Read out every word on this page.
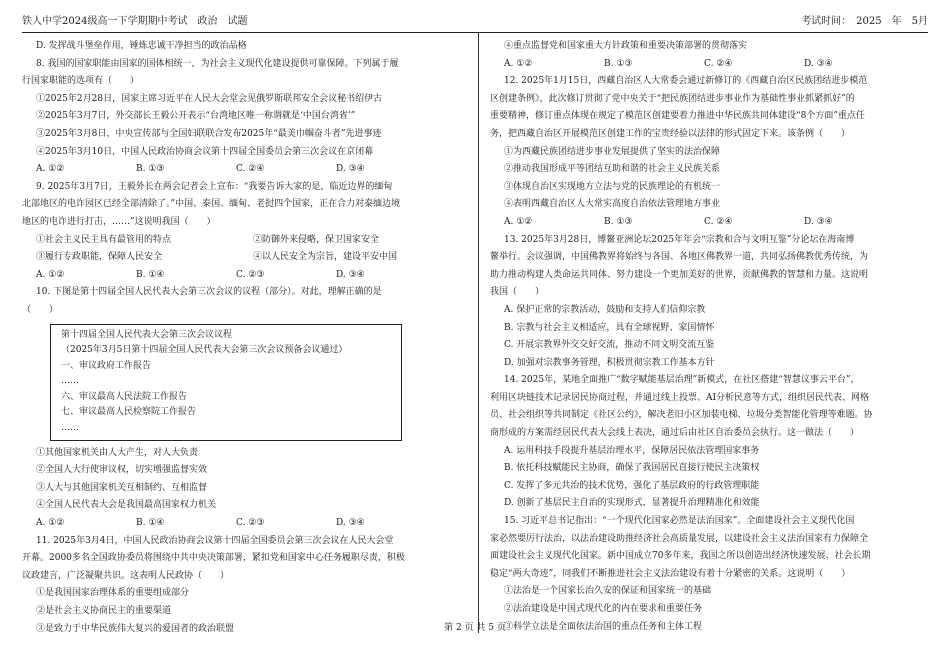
铁人中学2024级高一下学期期中考试　政治　试题	考试时间：　2025　年　5月

D. 发挥战斗堡垒作用，锤炼忠诚干净担当的政治品格

8. 我国的国家职能由国家的国体相统一，为社会主义现代化建设提供可靠保障。下列属于履

行国家职能的选项有（　　）

①2025年2月28日，国家主席习近平在人民大会堂会见俄罗斯联邦安全会议秘书绍伊古

②2025年3月7日，外交部长王毅公开表示“台湾地区唯一称谓就是‘中国台湾省’”

③2025年3月8日，中央宣传部与全国妇联联合发布2025年“最美巾帼奋斗者”先进事迹

④2025年3月10日，中国人民政治协商会议第十四届全国委员会第三次会议在京闭幕

A. ①②	B. ①③	C. ②④	D. ③④

9. 2025年3月7日，王毅外长在两会记者会上宣布：“我要告诉大家的是，临近边界的缅甸

北部地区的电诈园区已经全部清除了。”中国、泰国、缅甸、老挝四个国家，正在合力对泰缅边境

地区的电诈进行打击，……”这说明我国（　　）

①社会主义民主具有最管用的特点	②防御外来侵略，保卫国家安全
③履行专政职能，保障人民安全	④以人民安全为宗旨，建设平安中国
A. ①②	B. ①④	C. ②③	D. ③④

10. 下图是第十四届全国人民代表大会第三次会议的议程（部分）。对此，理解正确的是

（　　）

第十四届全国人民代表大会第三次会议议程

（2025年3月5日第十四届全国人民代表大会第三次会议预备会议通过）

一、审议政府工作报告

……

六、审议最高人民法院工作报告

七、审议最高人民检察院工作报告

……

①其他国家机关由人大产生，对人大负责

②全国人大行使审议权，切实增强监督实效

③人大与其他国家机关互相制约、互相监督

④全国人民代表大会是我国最高国家权力机关

A. ①②	B. ①④	C. ②③	D. ③④

11. 2025年3月4日，中国人民政治协商会议第十四届全国委员会第三次会议在人民大会堂

开幕。2000多名全国政协委员将围绕中共中央决策部署，紧扣党和国家中心任务履职尽责，积极

议政建言，广泛凝聚共识。这表明人民政协（　　）

①是我国国家治理体系的重要组成部分

②是社会主义协商民主的重要渠道

③是致力于中华民族伟大复兴的爱国者的政治联盟

④重点监督党和国家重大方针政策和重要决策部署的贯彻落实

A. ①②	B. ①③	C. ②④	D. ③④

12. 2025年1月15日，西藏自治区人大常委会通过新修订的《西藏自治区民族团结进步模范

区创建条例》，此次修订贯彻了党中央关于“把民族团结进步事业作为基础性事业抓紧抓好”的

重要精神，修订重点体现在规定了模范区创建要着力推进中华民族共同体建设“8个方面”重点任

务，把西藏自治区开展模范区创建工作的宝贵经验以法律的形式固定下来。该条例（　　）

①为西藏民族团结进步事业发展提供了坚实的法治保障

②推动我国形成平等团结互助和谐的社会主义民族关系

③体现自治区实现地方立法与党的民族理论的有机统一

④表明西藏自治区人大常实高度自治依法管理地方事业

A. ①②	B. ①③	C. ②④	D. ③④

13. 2025年3月28日，博鳌亚洲论坛2025年年会“宗教和合与文明互鉴”分论坛在海南博

鳌举行。会议强调，中国佛教界将始终与各国、各地区佛教界一道，共同弘扬佛教优秀传统，为

助力推动构建人类命运共同体、努力建设一个更加美好的世界，贡献佛教的智慧和力量。这说明

我国（　　）

A. 保护正常的宗教活动，鼓励和支持人们信仰宗教

B. 宗教与社会主义相适应，具有全球视野、家国情怀

C. 开展宗教界外交交好交流，推动不同文明交流互鉴

D. 加强对宗教事务管理，积极贯彻宗教工作基本方针

14. 2025年，某地全面推广“数字赋能基层治理”新模式，在社区搭建“智慧议事云平台”，

利用区块链技术记录居民协商过程，并通过线上投票、AI分析民意等方式，组织居民代表、网格

员、社会组织等共同制定《社区公约》，解决老旧小区加装电梯、垃圾分类智能化管理等难题。协

商形成的方案需经居民代表大会线上表决，通过后由社区自治委员会执行。这一做法（　　）

A. 运用科技手段提升基层治理水平，保障居民依法管理国家事务

B. 依托科技赋能民主协商，确保了我国居民直接行使民主决策权

C. 发挥了多元共治的技术优势，强化了基层政府的行政管理职能

D. 创新了基层民主自治的实现形式，显著提升治理精准化和效能

15. 习近平总书记指出：“一个现代化国家必然是法治国家”。全面建设社会主义现代化国

家必然要厉行法治，以法治建设助推经济社会高质量发展，以建设社会主义法治国家有力保障全

面建设社会主义现代化国家。新中国成立70多年来，我国之所以创造出经济快速发展、社会长期

稳定“两大奇迹”，同我们不断推进社会主义法治建设有着十分紧密的关系。这说明（　　）

①法治是一个国家长治久安的保证和国家统一的基础

②法治建设是中国式现代化的内在要求和重要任务

③科学立法是全面依法治国的重点任务和主体工程

第 2 页 共 5 页
